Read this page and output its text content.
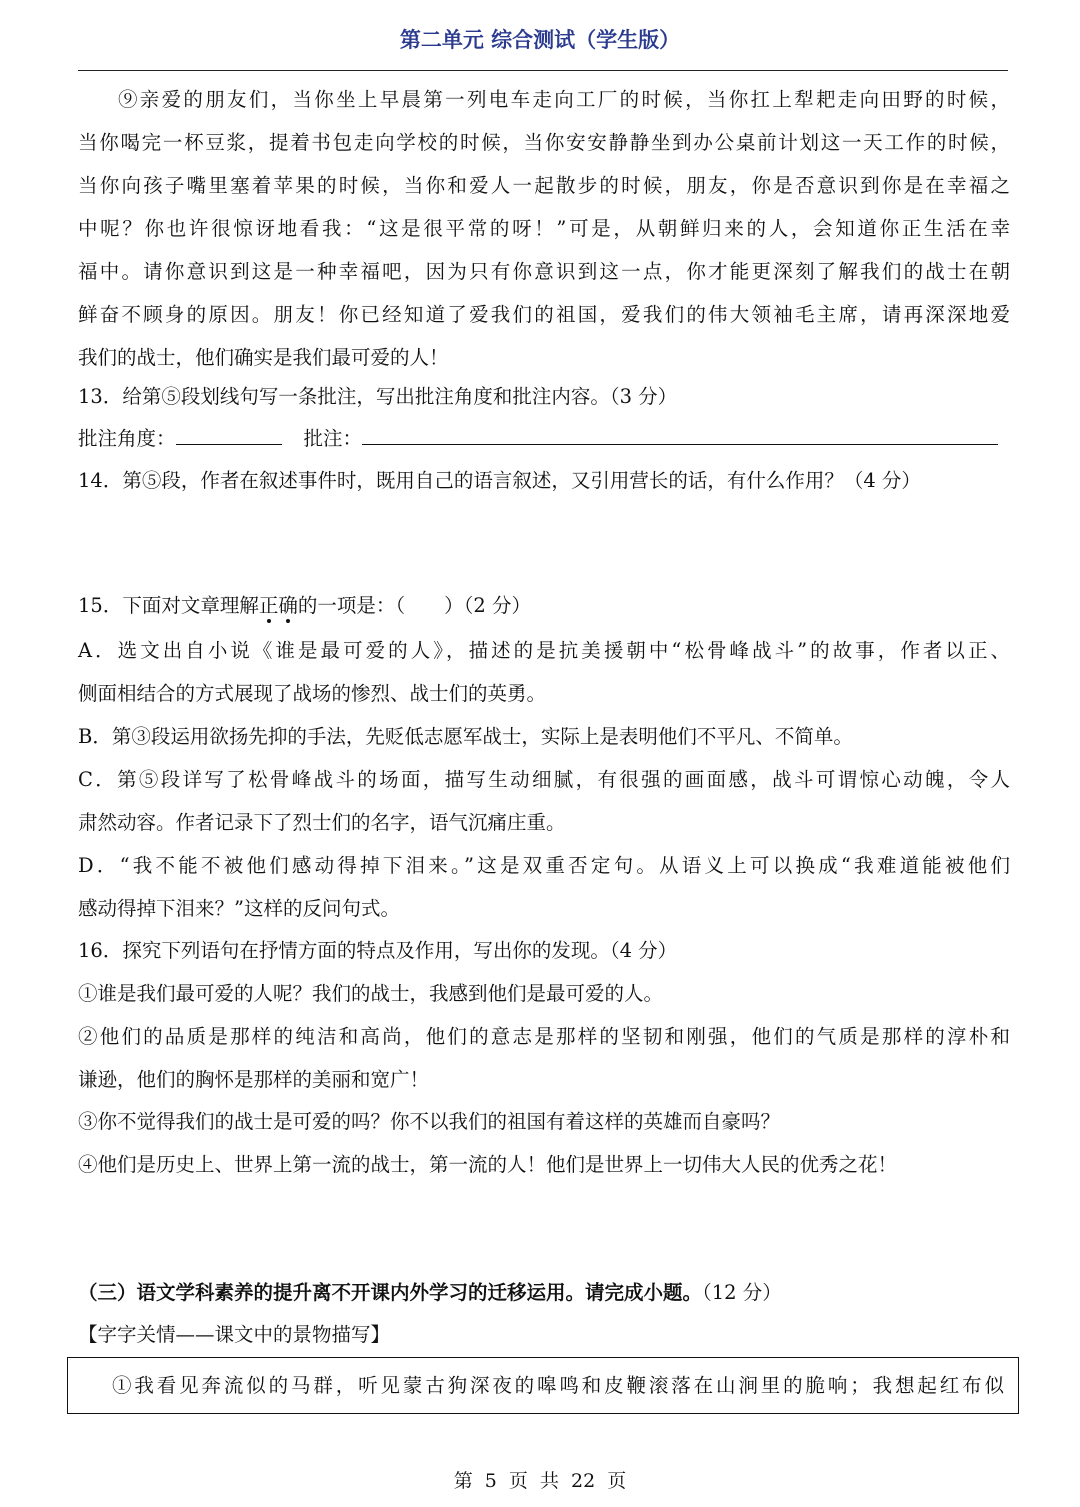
第二单元 综合测试（学生版）
⑨亲爱的朋友们，当你坐上早晨第一列电车走向工厂的时候，当你扛上犁耙走向田野的时候，
当你喝完一杯豆浆，提着书包走向学校的时候，当你安安静静坐到办公桌前计划这一天工作的时候，
当你向孩子嘴里塞着苹果的时候，当你和爱人一起散步的时候，朋友，你是否意识到你是在幸福之
中呢？你也许很惊讶地看我：“这是很平常的呀！”可是，从朝鲜归来的人，会知道你正生活在幸
福中。请你意识到这是一种幸福吧，因为只有你意识到这一点，你才能更深刻了解我们的战士在朝
鲜奋不顾身的原因。朋友！你已经知道了爱我们的祖国，爱我们的伟大领袖毛主席，请再深深地爱
我们的战士，他们确实是我们最可爱的人！
13．给第⑤段划线句写一条批注，写出批注角度和批注内容。（3 分）
批注角度：	批注：
14．第⑤段，作者在叙述事件时，既用自己的语言叙述，又引用营长的话，有什么作用？（4 分）
15．下面对文章理解正确的一项是：（　　）（2 分）
A．选文出自小说《谁是最可爱的人》，描述的是抗美援朝中“松骨峰战斗”的故事，作者以正、
侧面相结合的方式展现了战场的惨烈、战士们的英勇。
B．第③段运用欲扬先抑的手法，先贬低志愿军战士，实际上是表明他们不平凡、不简单。
C．第⑤段详写了松骨峰战斗的场面，描写生动细腻，有很强的画面感，战斗可谓惊心动魄，令人
肃然动容。作者记录下了烈士们的名字，语气沉痛庄重。
D．“我不能不被他们感动得掉下泪来。”这是双重否定句。从语义上可以换成“我难道能被他们
感动得掉下泪来？”这样的反问句式。
16．探究下列语句在抒情方面的特点及作用，写出你的发现。（4 分）
①谁是我们最可爱的人呢？我们的战士，我感到他们是最可爱的人。
②他们的品质是那样的纯洁和高尚，他们的意志是那样的坚韧和刚强，他们的气质是那样的淳朴和
谦逊，他们的胸怀是那样的美丽和宽广！
③你不觉得我们的战士是可爱的吗？你不以我们的祖国有着这样的英雄而自豪吗？
④他们是历史上、世界上第一流的战士，第一流的人！他们是世界上一切伟大人民的优秀之花！
（三）语文学科素养的提升离不开课内外学习的迁移运用。请完成小题。（12 分）
【字字关情——课文中的景物描写】
①我看见奔流似的马群，听见蒙古狗深夜的嗥鸣和皮鞭滚落在山涧里的脆响；我想起红布似
第 5 页 共 22 页
